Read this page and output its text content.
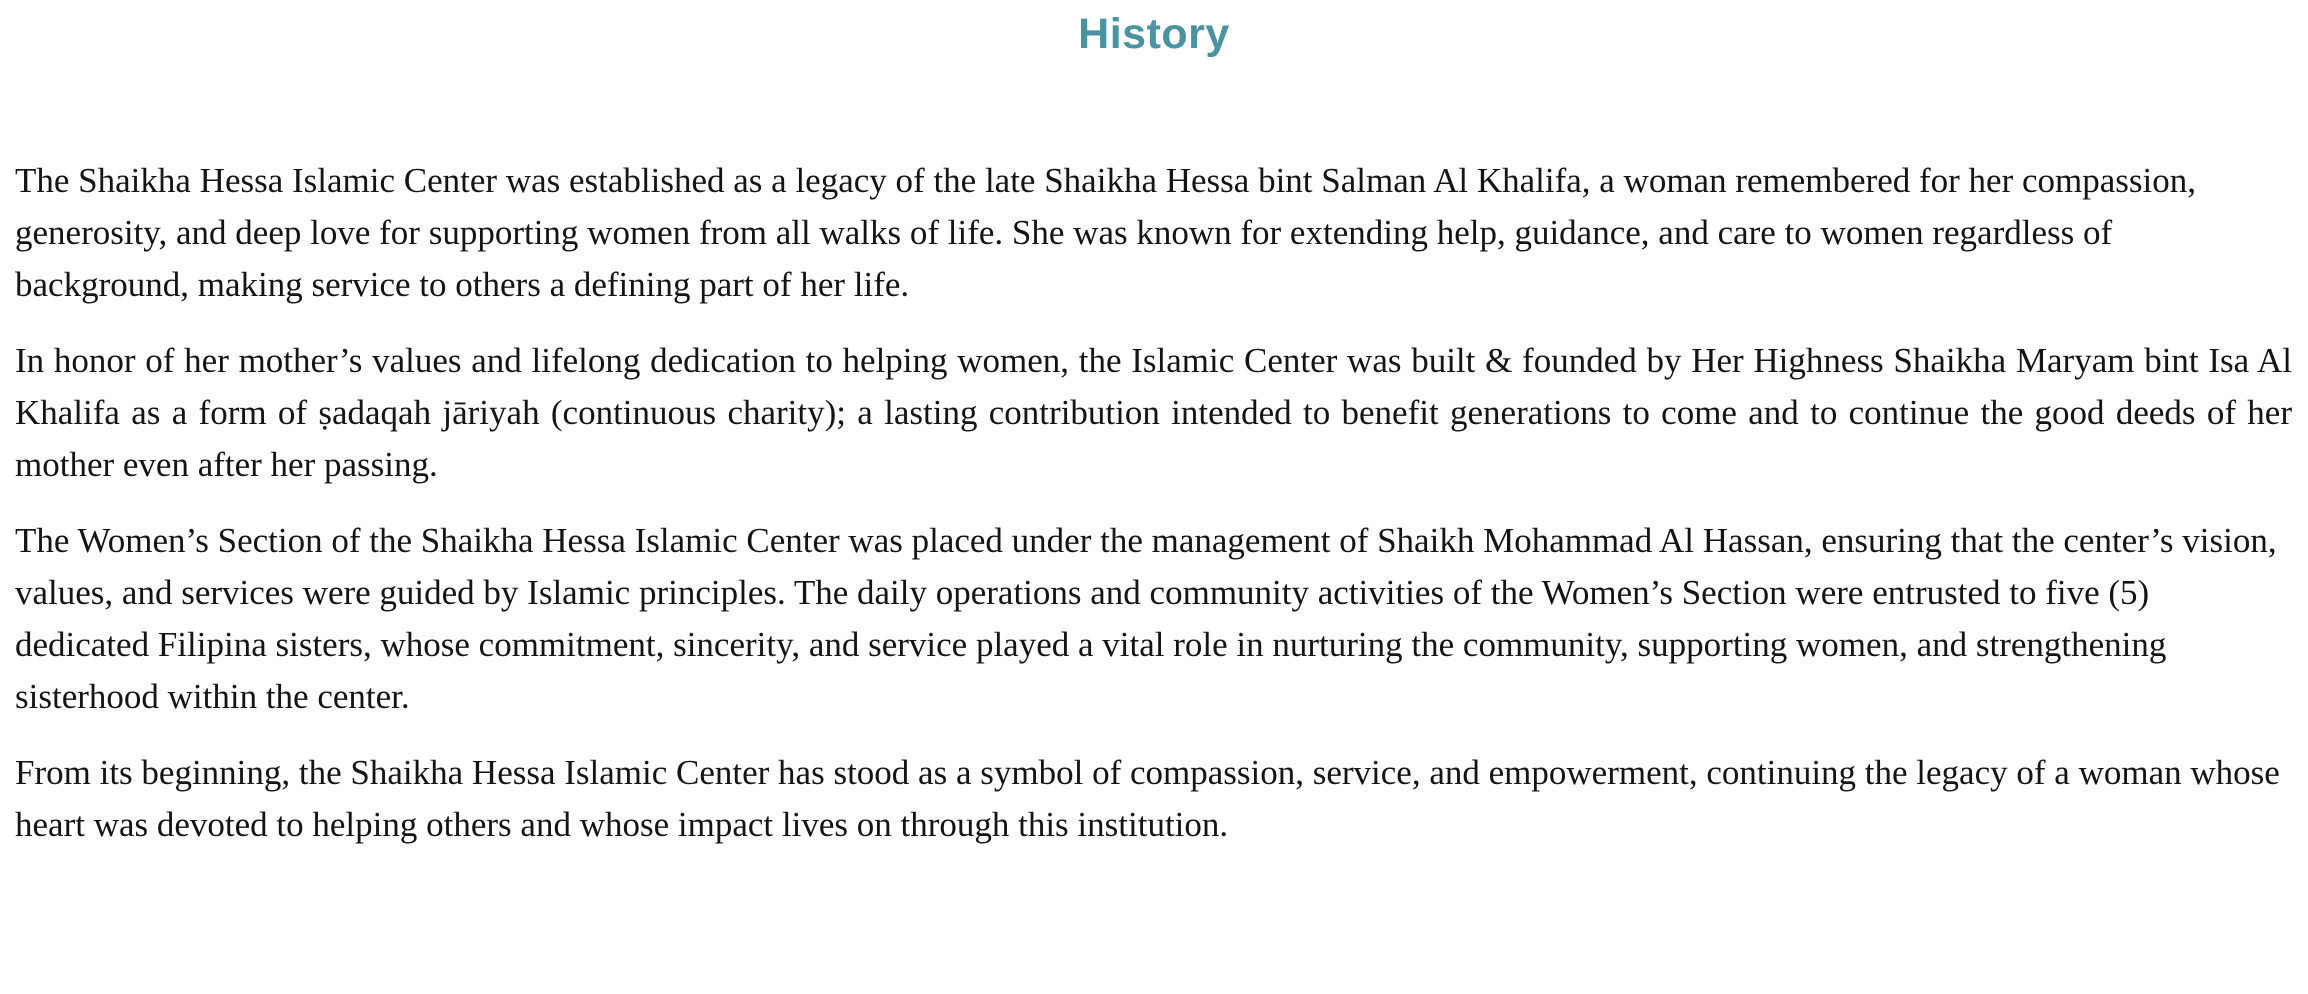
History

The Shaikha Hessa Islamic Center was established as a legacy of the late Shaikha Hessa bint Salman Al Khalifa, a woman remembered for her compassion, generosity, and deep love for supporting women from all walks of life. She was known for extending help, guidance, and care to women regardless of background, making service to others a defining part of her life.

In honor of her mother’s values and lifelong dedication to helping women, the Islamic Center was built & founded by Her Highness Shaikha Maryam bint Isa Al Khalifa as a form of ṣadaqah jāriyah (continuous charity); a lasting contribution intended to benefit generations to come and to continue the good deeds of her mother even after her passing.

The Women’s Section of the Shaikha Hessa Islamic Center was placed under the management of Shaikh Mohammad Al Hassan, ensuring that the center’s vision, values, and services were guided by Islamic principles. The daily operations and community activities of the Women’s Section were entrusted to five (5) dedicated Filipina sisters, whose commitment, sincerity, and service played a vital role in nurturing the community, supporting women, and strengthening sisterhood within the center.

From its beginning, the Shaikha Hessa Islamic Center has stood as a symbol of compassion, service, and empowerment, continuing the legacy of a woman whose heart was devoted to helping others and whose impact lives on through this institution.
